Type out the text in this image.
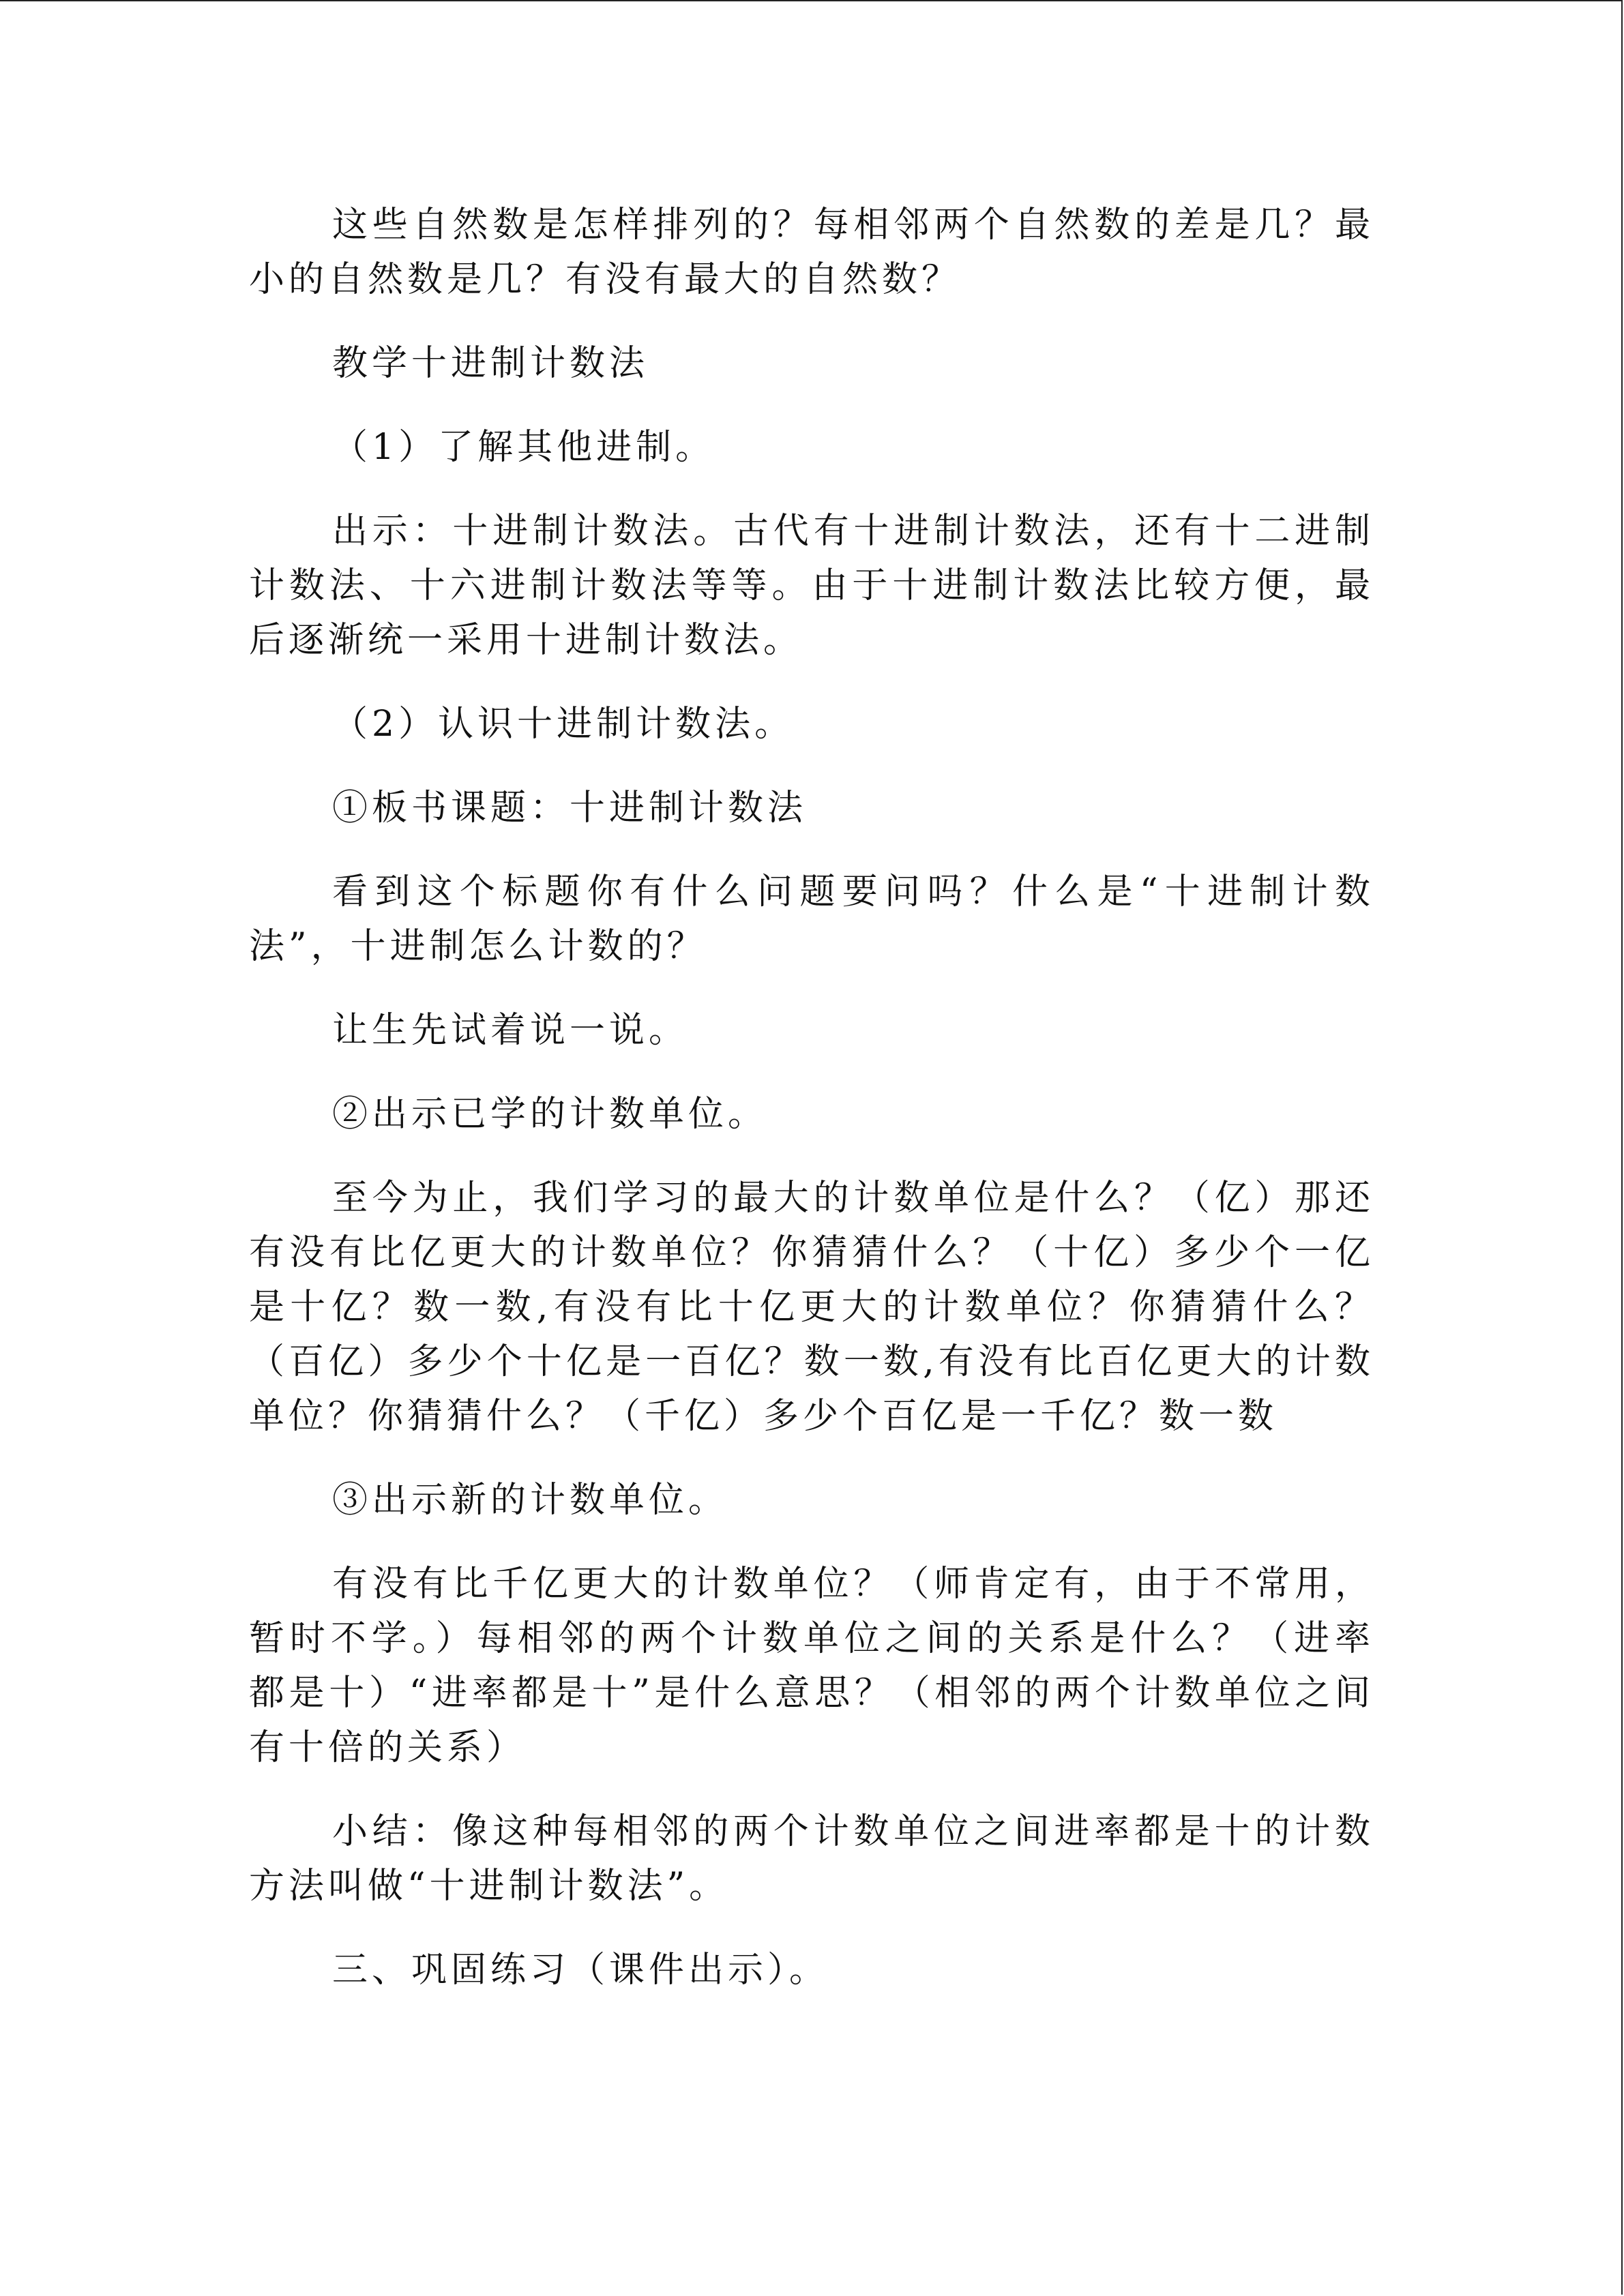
这些自然数是怎样排列的？每相邻两个自然数的差是几？最小的自然数是几？有没有最大的自然数？

教学十进制计数法

（1）了解其他进制。

出示：十进制计数法。古代有十进制计数法，还有十二进制计数法、十六进制计数法等等。由于十进制计数法比较方便，最后逐渐统一采用十进制计数法。

（2）认识十进制计数法。

①板书课题：十进制计数法

看到这个标题你有什么问题要问吗？什么是“十进制计数法”，十进制怎么计数的？

让生先试着说一说。

②出示已学的计数单位。

至今为止，我们学习的最大的计数单位是什么？（亿）那还有没有比亿更大的计数单位？你猜猜什么？（十亿）多少个一亿是十亿？数一数,有没有比十亿更大的计数单位？你猜猜什么？（百亿）多少个十亿是一百亿？数一数,有没有比百亿更大的计数单位？你猜猜什么？（千亿）多少个百亿是一千亿？数一数

③出示新的计数单位。

有没有比千亿更大的计数单位？（师肯定有，由于不常用，暂时不学。）每相邻的两个计数单位之间的关系是什么？（进率都是十）“进率都是十”是什么意思？（相邻的两个计数单位之间有十倍的关系）

小结：像这种每相邻的两个计数单位之间进率都是十的计数方法叫做“十进制计数法”。

三、巩固练习（课件出示）。
